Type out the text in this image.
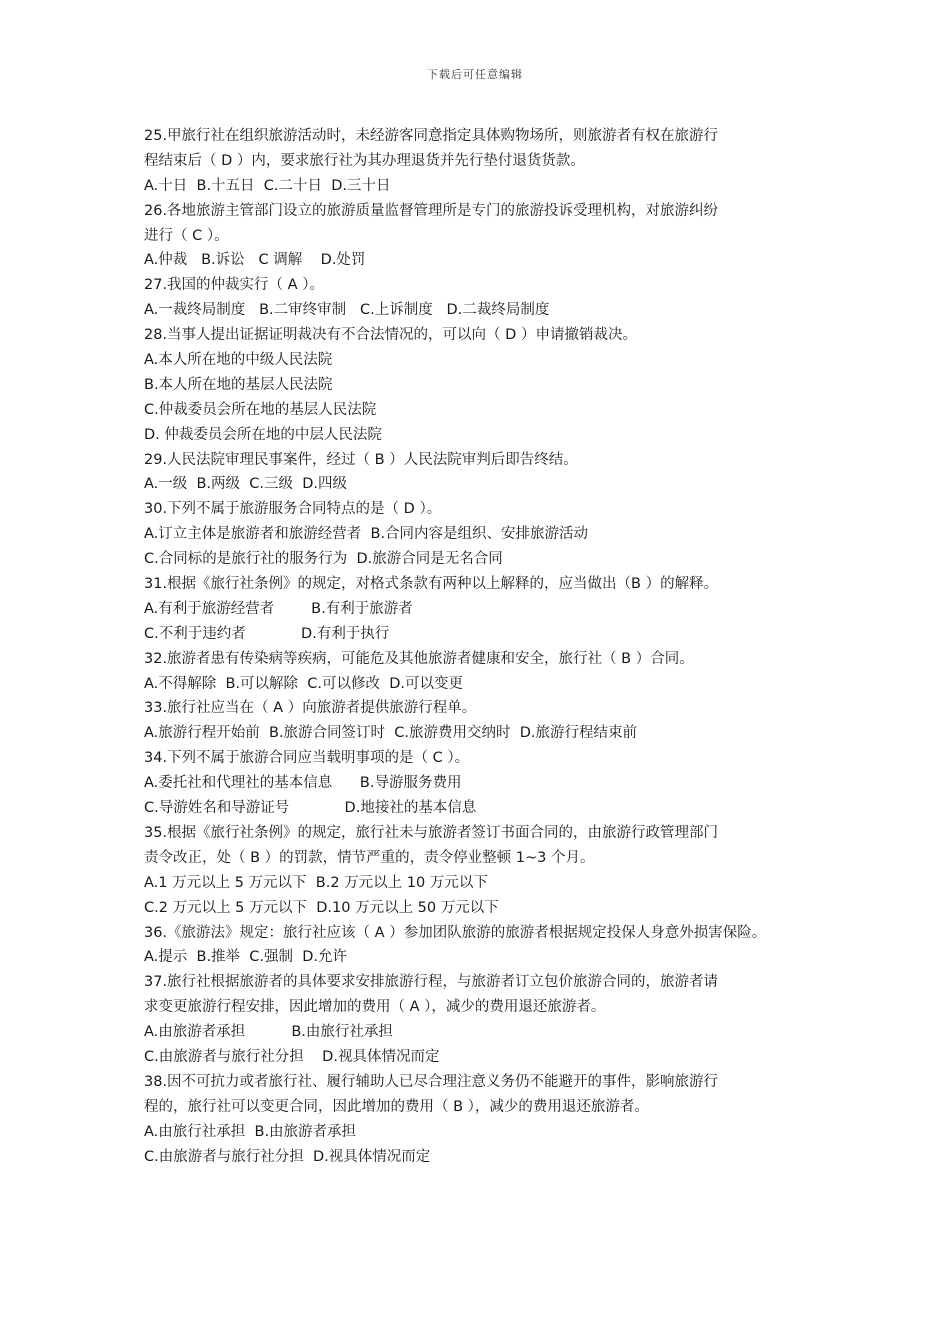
下载后可任意编辑
25.甲旅行社在组织旅游活动时，未经游客同意指定具体购物场所，则旅游者有权在旅游行
程结束后（ D ）内，要求旅行社为其办理退货并先行垫付退货货款。
A.十日  B.十五日  C.二十日  D.三十日
26.各地旅游主管部门设立的旅游质量监督管理所是专门的旅游投诉受理机构，对旅游纠纷
进行（ C ）。
A.仲裁   B.诉讼   C 调解    D.处罚
27.我国的仲裁实行（ A ）。
A.一裁终局制度   B.二审终审制   C.上诉制度   D.二裁终局制度
28.当事人提出证据证明裁决有不合法情况的，可以向（ D ）申请撤销裁决。
A.本人所在地的中级人民法院
B.本人所在地的基层人民法院
C.仲裁委员会所在地的基层人民法院
D. 仲裁委员会所在地的中层人民法院
29.人民法院审理民事案件，经过（ B ）人民法院审判后即告终结。
A.一级  B.两级  C.三级  D.四级
30.下列不属于旅游服务合同特点的是（ D ）。
A.订立主体是旅游者和旅游经营者  B.合同内容是组织、安排旅游活动
C.合同标的是旅行社的服务行为  D.旅游合同是无名合同
31.根据《旅行社条例》的规定，对格式条款有两种以上解释的，应当做出（B ）的解释。
A.有利于旅游经营者        B.有利于旅游者
C.不利于违约者            D.有利于执行
32.旅游者患有传染病等疾病，可能危及其他旅游者健康和安全，旅行社（ B ）合同。
A.不得解除  B.可以解除  C.可以修改  D.可以变更
33.旅行社应当在（ A ）向旅游者提供旅游行程单。
A.旅游行程开始前  B.旅游合同签订时  C.旅游费用交纳时  D.旅游行程结束前
34.下列不属于旅游合同应当载明事项的是（ C ）。
A.委托社和代理社的基本信息      B.导游服务费用
C.导游姓名和导游证号            D.地接社的基本信息
35.根据《旅行社条例》的规定，旅行社未与旅游者签订书面合同的，由旅游行政管理部门
责令改正，处（ B ）的罚款，情节严重的，责令停业整顿 1~3 个月。
A.1 万元以上 5 万元以下  B.2 万元以上 10 万元以下
C.2 万元以上 5 万元以下  D.10 万元以上 50 万元以下
36.《旅游法》规定：旅行社应该（ A ）参加团队旅游的旅游者根据规定投保人身意外损害保险。
A.提示  B.推举  C.强制  D.允许
37.旅行社根据旅游者的具体要求安排旅游行程，与旅游者订立包价旅游合同的，旅游者请
求变更旅游行程安排，因此增加的费用（ A ），减少的费用退还旅游者。
A.由旅游者承担          B.由旅行社承担
C.由旅游者与旅行社分担    D.视具体情况而定
38.因不可抗力或者旅行社、履行辅助人已尽合理注意义务仍不能避开的事件，影响旅游行
程的，旅行社可以变更合同，因此增加的费用（ B ），减少的费用退还旅游者。
A.由旅行社承担  B.由旅游者承担
C.由旅游者与旅行社分担  D.视具体情况而定
